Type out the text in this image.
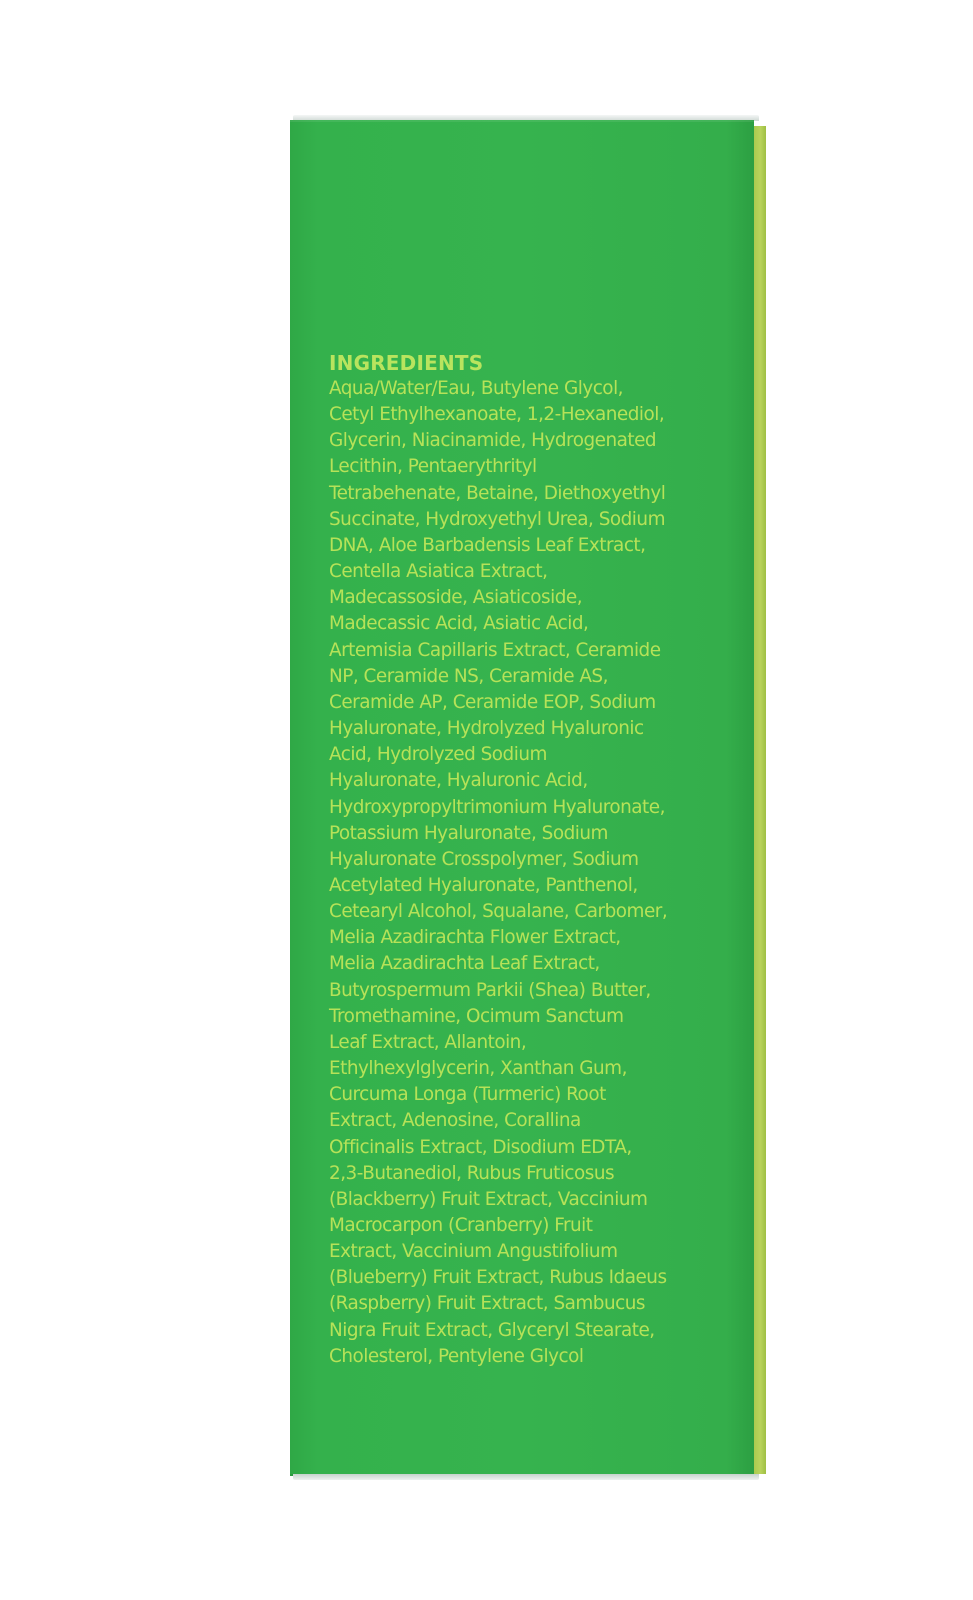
INGREDIENTS
Aqua/Water/Eau, Butylene Glycol,
Cetyl Ethylhexanoate, 1,2-Hexanediol,
Glycerin, Niacinamide, Hydrogenated
Lecithin, Pentaerythrityl
Tetrabehenate, Betaine, Diethoxyethyl
Succinate, Hydroxyethyl Urea, Sodium
DNA, Aloe Barbadensis Leaf Extract,
Centella Asiatica Extract,
Madecassoside, Asiaticoside,
Madecassic Acid, Asiatic Acid,
Artemisia Capillaris Extract, Ceramide
NP, Ceramide NS, Ceramide AS,
Ceramide AP, Ceramide EOP, Sodium
Hyaluronate, Hydrolyzed Hyaluronic
Acid, Hydrolyzed Sodium
Hyaluronate, Hyaluronic Acid,
Hydroxypropyltrimonium Hyaluronate,
Potassium Hyaluronate, Sodium
Hyaluronate Crosspolymer, Sodium
Acetylated Hyaluronate, Panthenol,
Cetearyl Alcohol, Squalane, Carbomer,
Melia Azadirachta Flower Extract,
Melia Azadirachta Leaf Extract,
Butyrospermum Parkii (Shea) Butter,
Tromethamine, Ocimum Sanctum
Leaf Extract, Allantoin,
Ethylhexylglycerin, Xanthan Gum,
Curcuma Longa (Turmeric) Root
Extract, Adenosine, Corallina
Officinalis Extract, Disodium EDTA,
2,3-Butanediol, Rubus Fruticosus
(Blackberry) Fruit Extract, Vaccinium
Macrocarpon (Cranberry) Fruit
Extract, Vaccinium Angustifolium
(Blueberry) Fruit Extract, Rubus Idaeus
(Raspberry) Fruit Extract, Sambucus
Nigra Fruit Extract, Glyceryl Stearate,
Cholesterol, Pentylene Glycol
